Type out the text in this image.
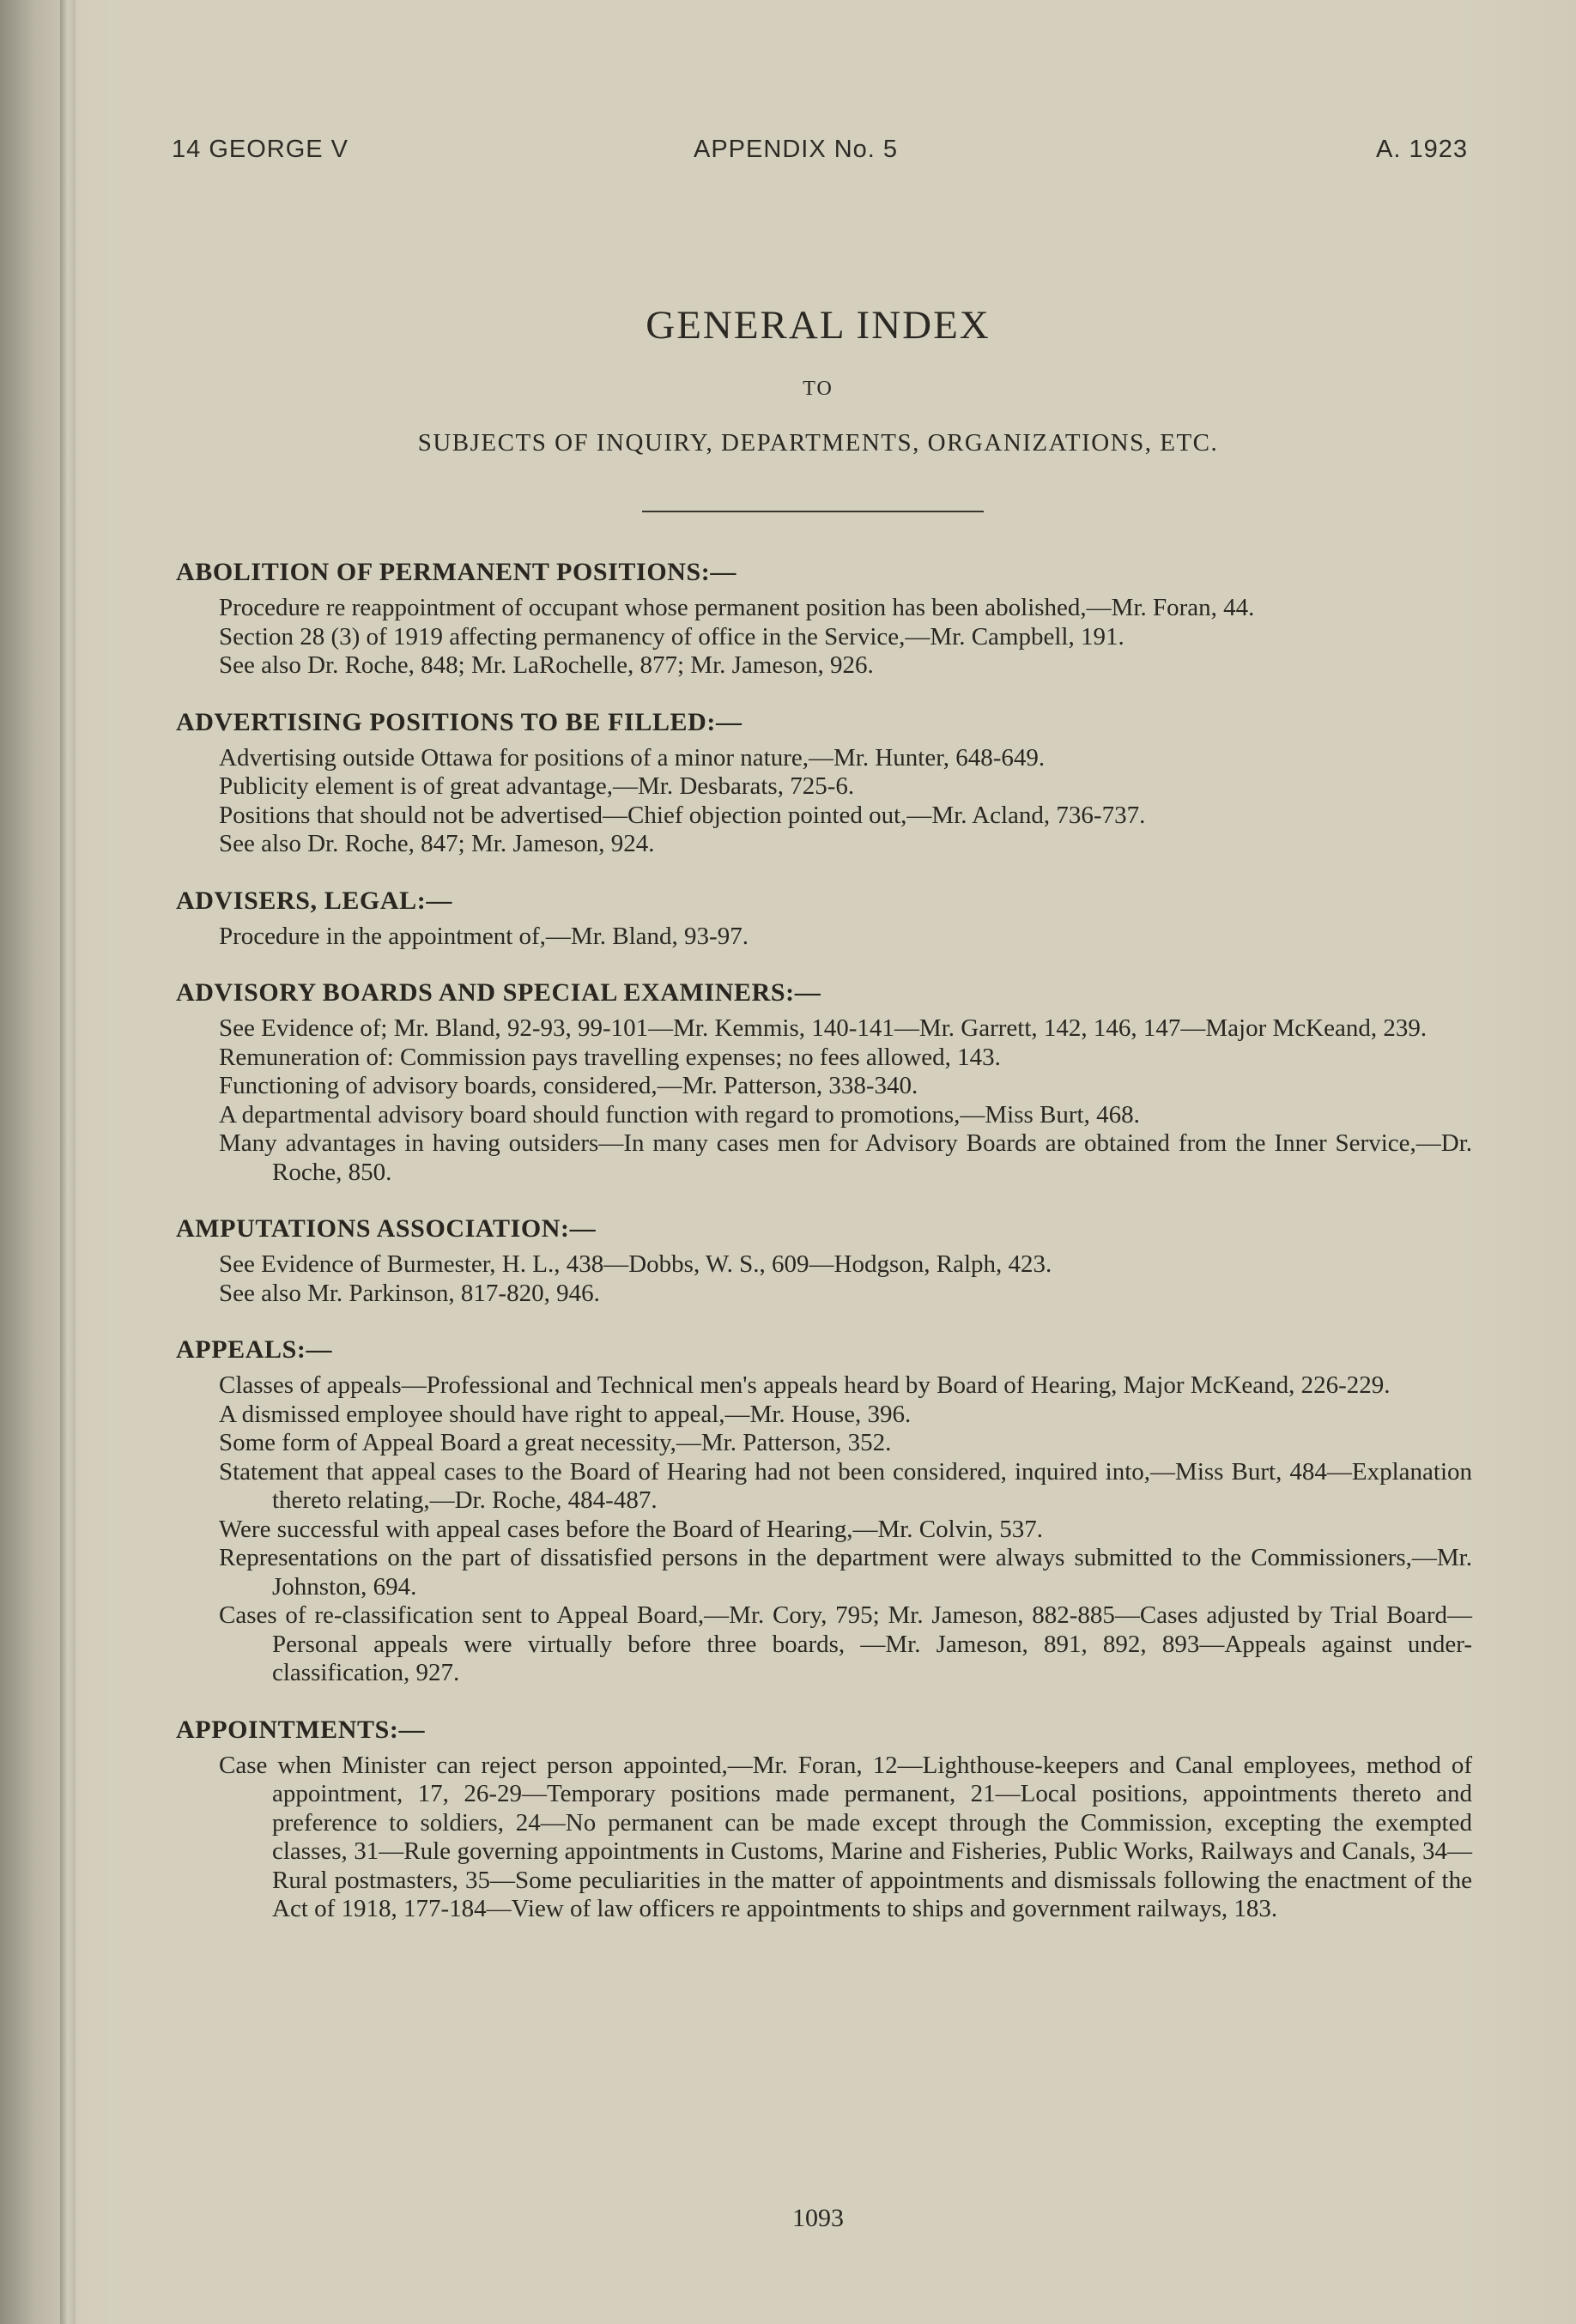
14 GEORGE V	APPENDIX No. 5	A. 1923
GENERAL INDEX
TO
SUBJECTS OF INQUIRY, DEPARTMENTS, ORGANIZATIONS, ETC.
ABOLITION OF PERMANENT POSITIONS:—
Procedure re reappointment of occupant whose permanent position has been abolished,—Mr. Foran, 44.
Section 28 (3) of 1919 affecting permanency of office in the Service,—Mr. Campbell, 191.
See also Dr. Roche, 848; Mr. LaRochelle, 877; Mr. Jameson, 926.
ADVERTISING POSITIONS TO BE FILLED:—
Advertising outside Ottawa for positions of a minor nature,—Mr. Hunter, 648-649.
Publicity element is of great advantage,—Mr. Desbarats, 725-6.
Positions that should not be advertised—Chief objection pointed out,—Mr. Acland, 736-737.
See also Dr. Roche, 847; Mr. Jameson, 924.
ADVISERS, LEGAL:—
Procedure in the appointment of,—Mr. Bland, 93-97.
ADVISORY BOARDS AND SPECIAL EXAMINERS:—
See Evidence of; Mr. Bland, 92-93, 99-101—Mr. Kemmis, 140-141—Mr. Garrett, 142, 146, 147—Major McKeand, 239.
Remuneration of: Commission pays travelling expenses; no fees allowed, 143.
Functioning of advisory boards, considered,—Mr. Patterson, 338-340.
A departmental advisory board should function with regard to promotions,—Miss Burt, 468.
Many advantages in having outsiders—In many cases men for Advisory Boards are obtained from the Inner Service,—Dr. Roche, 850.
AMPUTATIONS ASSOCIATION:—
See Evidence of Burmester, H. L., 438—Dobbs, W. S., 609—Hodgson, Ralph, 423.
See also Mr. Parkinson, 817-820, 946.
APPEALS:—
Classes of appeals—Professional and Technical men's appeals heard by Board of Hearing, Major McKeand, 226-229.
A dismissed employee should have right to appeal,—Mr. House, 396.
Some form of Appeal Board a great necessity,—Mr. Patterson, 352.
Statement that appeal cases to the Board of Hearing had not been considered, inquired into,—Miss Burt, 484—Explanation thereto relating,—Dr. Roche, 484-487.
Were successful with appeal cases before the Board of Hearing,—Mr. Colvin, 537.
Representations on the part of dissatisfied persons in the department were always submitted to the Commissioners,—Mr. Johnston, 694.
Cases of re-classification sent to Appeal Board,—Mr. Cory, 795; Mr. Jameson, 882-885—Cases adjusted by Trial Board—Personal appeals were virtually before three boards, —Mr. Jameson, 891, 892, 893—Appeals against under-classification, 927.
APPOINTMENTS:—
Case when Minister can reject person appointed,—Mr. Foran, 12—Lighthouse-keepers and Canal employees, method of appointment, 17, 26-29—Temporary positions made permanent, 21—Local positions, appointments thereto and preference to soldiers, 24—No permanent can be made except through the Commission, excepting the exempted classes, 31—Rule governing appointments in Customs, Marine and Fisheries, Public Works, Railways and Canals, 34—Rural postmasters, 35—Some peculiarities in the matter of appointments and dismissals following the enactment of the Act of 1918, 177-184—View of law officers re appointments to ships and government railways, 183.
1093
